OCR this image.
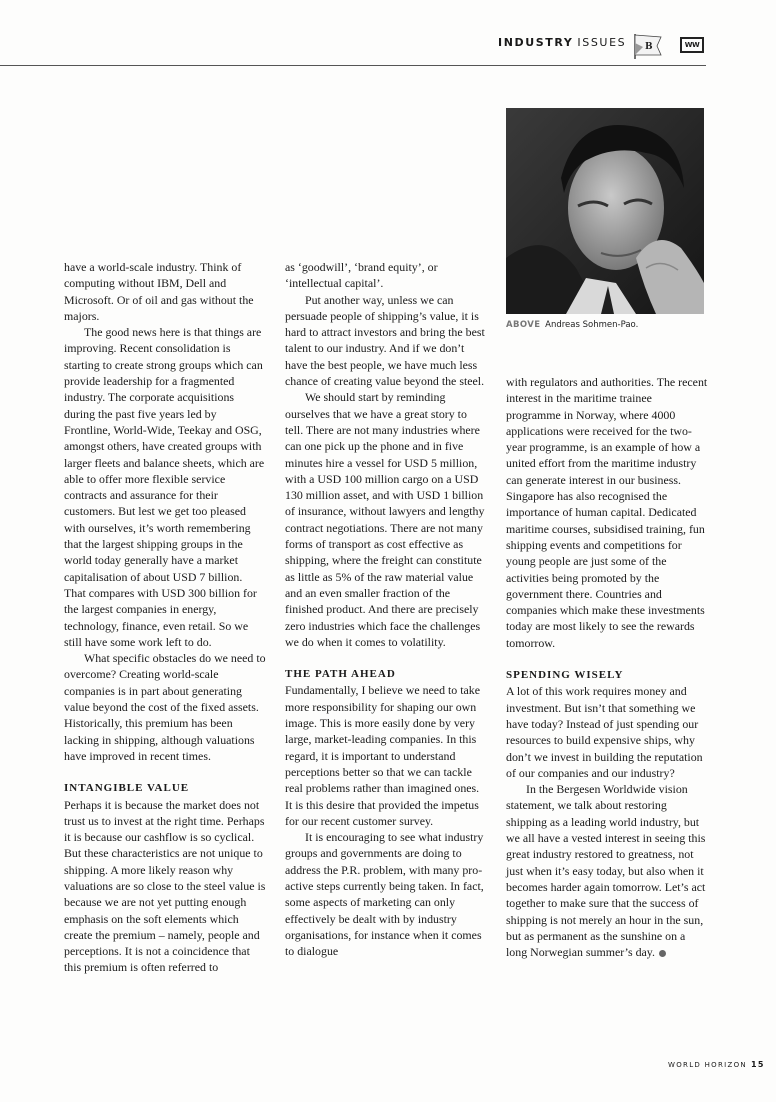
INDUSTRY ISSUES B	WW
ABOVE Andreas Sohmen-Pao.

have a world-scale industry. Think of computing without IBM, Dell and Microsoft. Or of oil and gas without the majors.

The good news here is that things are improving. Recent consolidation is starting to create strong groups which can provide leadership for a fragmented industry. The corporate acquisitions during the past five years led by Frontline, World-Wide, Teekay and OSG, amongst others, have created groups with larger fleets and balance sheets, which are able to offer more flexible service contracts and assurance for their customers. But lest we get too pleased with ourselves, it’s worth remembering that the largest shipping groups in the world today generally have a market capitalisation of about USD 7 billion. That compares with USD 300 billion for the largest companies in energy, technology, finance, even retail. So we still have some work left to do.

What specific obstacles do we need to overcome? Creating world-scale companies is in part about generating value beyond the cost of the fixed assets. Historically, this premium has been lacking in shipping, although valuations have improved in recent times.

INTANGIBLE VALUE

Perhaps it is because the market does not trust us to invest at the right time. Perhaps it is because our cashflow is so cyclical. But these characteristics are not unique to shipping. A more likely reason why valuations are so close to the steel value is because we are not yet putting enough emphasis on the soft elements which create the premium – namely, people and perceptions. It is not a coincidence that this premium is often referred to

as ‘goodwill’, ‘brand equity’, or ‘intellectual capital’.

Put another way, unless we can persuade people of shipping’s value, it is hard to attract investors and bring the best talent to our industry. And if we don’t have the best people, we have much less chance of creating value beyond the steel.

We should start by reminding ourselves that we have a great story to tell. There are not many industries where can one pick up the phone and in five minutes hire a vessel for USD 5 million, with a USD 100 million cargo on a USD 130 million asset, and with USD 1 billion of insurance, without lawyers and lengthy contract negotiations. There are not many forms of transport as cost effective as shipping, where the freight can constitute as little as 5% of the raw material value and an even smaller fraction of the finished product. And there are precisely zero industries which face the challenges we do when it comes to volatility.

THE PATH AHEAD

Fundamentally, I believe we need to take more responsibility for shaping our own image. This is more easily done by very large, market-leading companies. In this regard, it is important to understand perceptions better so that we can tackle real problems rather than imagined ones. It is this desire that provided the impetus for our recent customer survey.

It is encouraging to see what industry groups and governments are doing to address the P.R. problem, with many pro-active steps currently being taken. In fact, some aspects of marketing can only effectively be dealt with by industry organisations, for instance when it comes to dialogue

with regulators and authorities. The recent interest in the maritime trainee programme in Norway, where 4000 applications were received for the two-year programme, is an example of how a united effort from the maritime industry can generate interest in our business. Singapore has also recognised the importance of human capital. Dedicated maritime courses, subsidised training, fun shipping events and competitions for young people are just some of the activities being promoted by the government there. Countries and companies which make these investments today are most likely to see the rewards tomorrow.

SPENDING WISELY

A lot of this work requires money and investment. But isn’t that something we have today? Instead of just spending our resources to build expensive ships, why don’t we invest in building the reputation of our companies and our industry?

In the Bergesen Worldwide vision statement, we talk about restoring shipping as a leading world industry, but we all have a vested interest in seeing this great industry restored to greatness, not just when it’s easy today, but also when it becomes harder again tomorrow. Let’s act together to make sure that the success of shipping is not merely an hour in the sun, but as permanent as the sunshine on a long Norwegian summer’s day.

WORLD HORIZON 15
